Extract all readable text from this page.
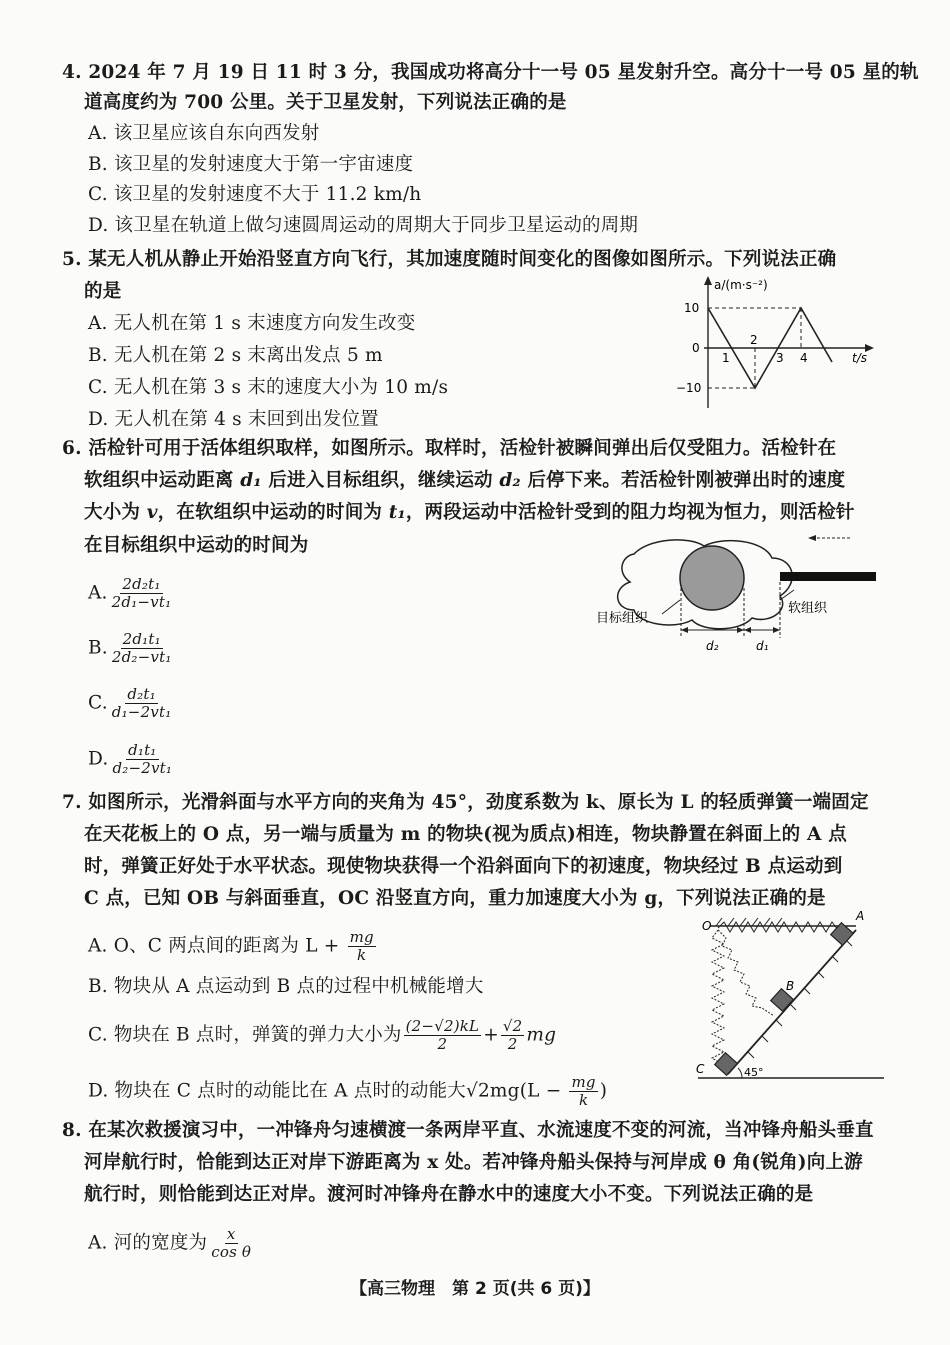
4. 2024 年 7 月 19 日 11 时 3 分，我国成功将高分十一号 05 星发射升空。高分十一号 05 星的轨
道高度约为 700 公里。关于卫星发射，下列说法正确的是
A. 该卫星应该自东向西发射
B. 该卫星的发射速度大于第一宇宙速度
C. 该卫星的发射速度不大于 11.2 km/h
D. 该卫星在轨道上做匀速圆周运动的周期大于同步卫星运动的周期
5. 某无人机从静止开始沿竖直方向飞行，其加速度随时间变化的图像如图所示。下列说法正确
的是
A. 无人机在第 1 s 末速度方向发生改变
B. 无人机在第 2 s 末离出发点 5 m
C. 无人机在第 3 s 末的速度大小为 10 m/s
D. 无人机在第 4 s 末回到出发位置
a/(m·s⁻²)
t/s
10
0
−10
1
2
3 4
6. 活检针可用于活体组织取样，如图所示。取样时，活检针被瞬间弹出后仅受阻力。活检针在
软组织中运动距离 d₁ 后进入目标组织，继续运动 d₂ 后停下来。若活检针刚被弹出时的速度
大小为 v，在软组织中运动的时间为 t₁，两段运动中活检针受到的阻力均视为恒力，则活检针
在目标组织中运动的时间为
A. $\frac{\text{2d₂t₁}}{\text{2d₁−vt₁}}$
B. $\frac{\text{2d₁t₁}}{\text{2d₂−vt₁}}$
C. $\frac{\text{d₂t₁}}{\text{d₁−2vt₁}}$
D. $\frac{\text{d₁t₁}}{\text{d₂−2vt₁}}$
目标组织
软组织
d₂	d₁
7. 如图所示，光滑斜面与水平方向的夹角为 45°，劲度系数为 k、原长为 L 的轻质弹簧一端固定
在天花板上的 O 点，另一端与质量为 m 的物块(视为质点)相连，物块静置在斜面上的 A 点
时，弹簧正好处于水平状态。现使物块获得一个沿斜面向下的初速度，物块经过 B 点运动到
C 点，已知 OB 与斜面垂直，OC 沿竖直方向，重力加速度大小为 g，下列说法正确的是
A. O、C 两点间的距离为 $L + \frac{mg}{k}$
B. 物块从 A 点运动到 B 点的过程中机械能增大
C. 物块在 B 点时，弹簧的弹力大小为 $\frac{(2-√2)kL}{2} + \frac{√2}{2}$ mg
D. 物块在 C 点时的动能比在 A 点时的动能大$√2mg(L - \frac{mg}{k}$ )
O
A
B
C	45°
8. 在某次救援演习中，一冲锋舟匀速横渡一条两岸平直、水流速度不变的河流，当冲锋舟船头垂直
河岸航行时，恰能到达正对岸下游距离为 x 处。若冲锋舟船头保持与河岸成 θ 角(锐角)向上游
航行时，则恰能到达正对岸。渡河时冲锋舟在静水中的速度大小不变。下列说法正确的是
A. 河的宽度为 $\frac{x}{\text{cos θ}}$
【高三物理　第 2 页(共 6 页)】
